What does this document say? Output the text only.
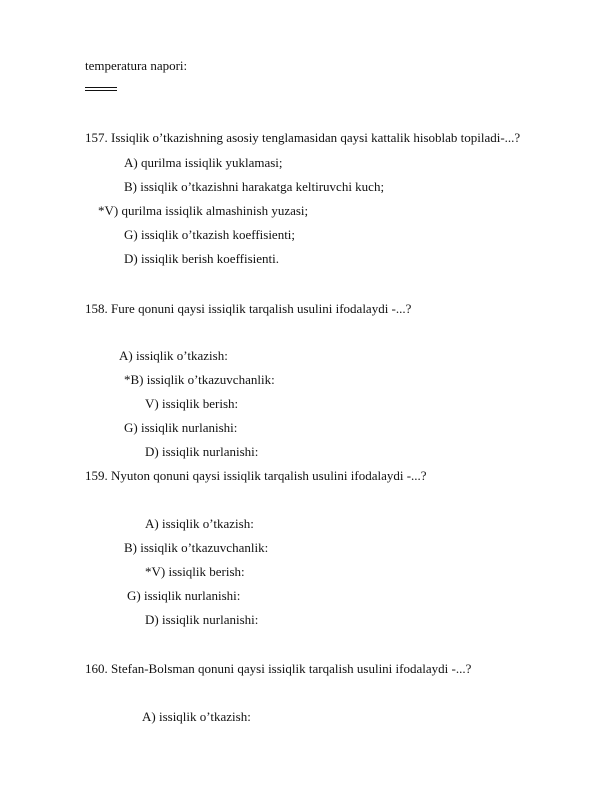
temperatura napori:
157. Issiqlik o’tkazishning asosiy tenglamasidan qaysi kattalik hisoblab topiladi-...?
A) qurilma issiqlik yuklamasi;
B) issiqlik o’tkazishni harakatga keltiruvchi kuch;
*V) qurilma issiqlik almashinish yuzasi;
G) issiqlik o’tkazish koeffisienti;
D) issiqlik berish koeffisienti.
158. Fure qonuni qaysi issiqlik tarqalish usulini ifodalaydi -...?
A) issiqlik o’tkazish:
*B) issiqlik o’tkazuvchanlik:
V) issiqlik berish:
G) issiqlik nurlanishi:
D) issiqlik nurlanishi:
159. Nyuton qonuni qaysi issiqlik tarqalish usulini ifodalaydi -...?
A) issiqlik o’tkazish:
B) issiqlik o’tkazuvchanlik:
*V) issiqlik berish:
G) issiqlik nurlanishi:
D) issiqlik nurlanishi:
160. Stefan-Bolsman qonuni qaysi issiqlik tarqalish usulini ifodalaydi -...?
A) issiqlik o’tkazish:
